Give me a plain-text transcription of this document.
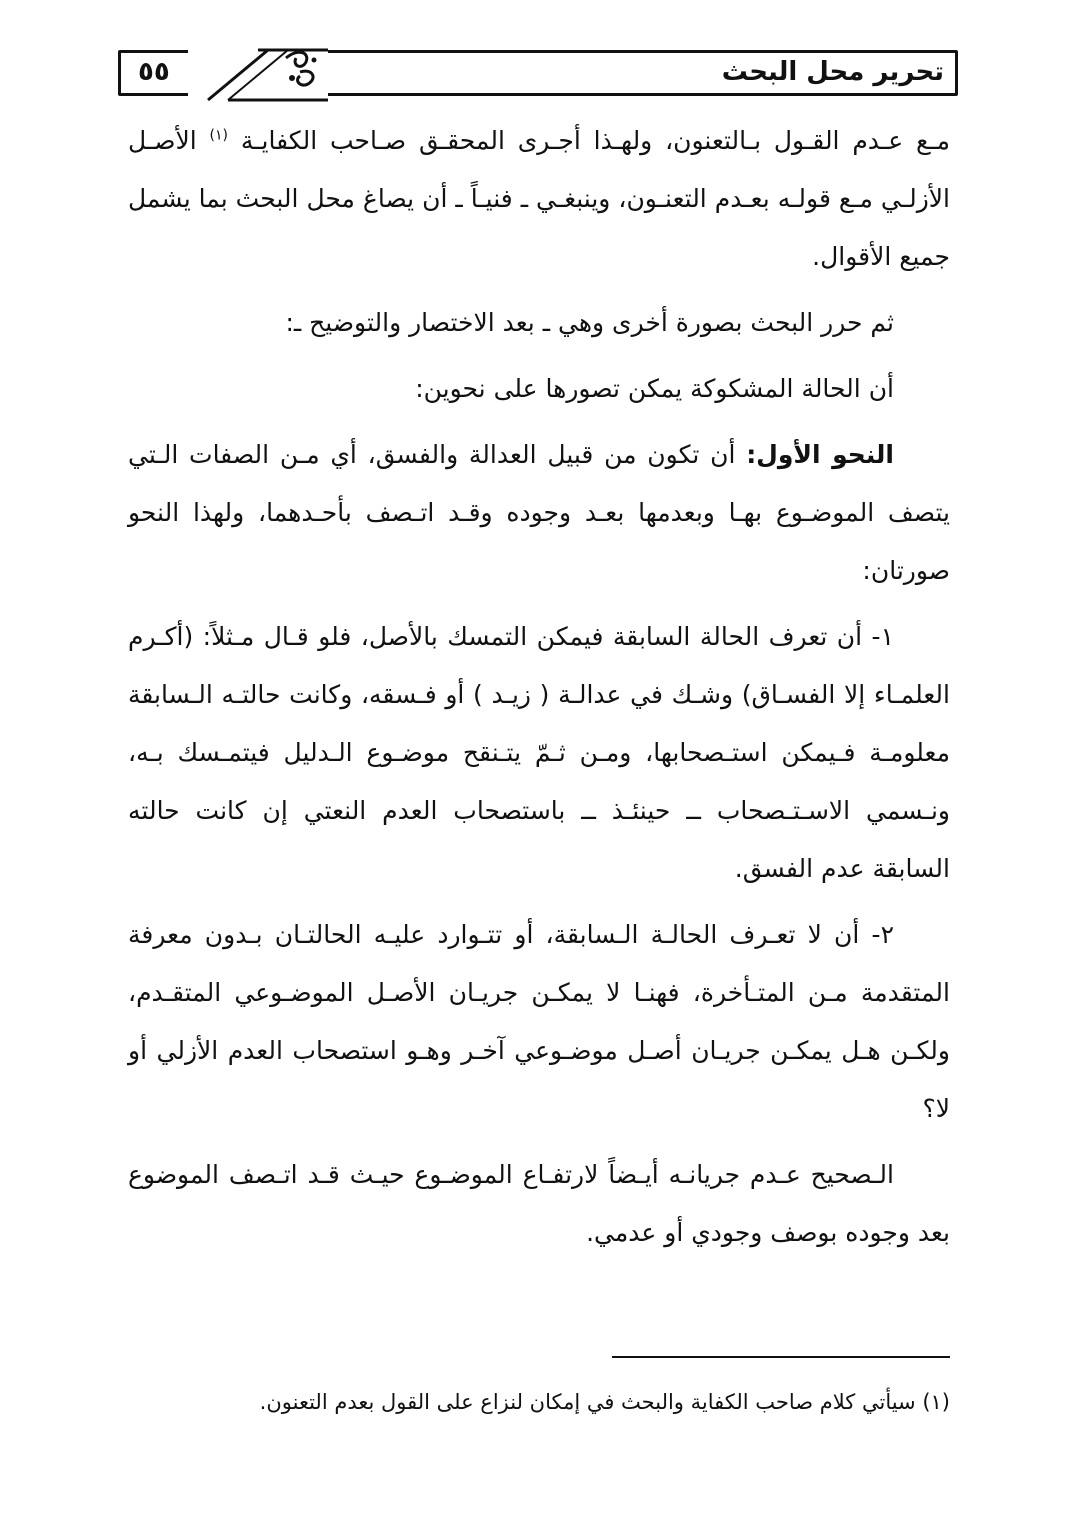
تحرير محل البحث
٥٥

مـع عـدم القـول بـالتعنون، ولهـذا أجـرى المحقـق صـاحب الكفايـة $^{(١)}$ الأصـل الأزلـي مـع قولـه بعـدم التعنـون، وينبغـي ـ فنيـاً ـ أن يصاغ محل البحث بما يشمل جميع الأقوال.

ثم حرر البحث بصورة أخرى وهي ـ بعد الاختصار والتوضيح ـ:

أن الحالة المشكوكة يمكن تصورها على نحوين:

النحو الأول: أن تكون من قبيل العدالة والفسق، أي مـن الصفات الـتي يتصف الموضـوع بهـا وبعدمها بعـد وجوده وقـد اتـصف بأحـدهما، ولهذا النحو صورتان:

١- أن تعرف الحالة السابقة فيمكن التمسك بالأصل، فلو قـال مـثلاً: (أكـرم العلمـاء إلا الفسـاق) وشـك في عدالـة ( زيـد ) أو فـسقه، وكانت حالتـه الـسابقة معلومـة فـيمكن استـصحابها، ومـن ثـمّ يتـنقح موضـوع الـدليل فيتمـسك بـه، ونـسمي الاسـتـصحاب ــ حينئـذ ــ باستصحاب العدم النعتي إن كانت حالته السابقة عدم الفسق.

٢- أن لا تعـرف الحالـة الـسابقة، أو تتـوارد عليـه الحالتـان بـدون معرفة المتقدمة مـن المتـأخرة، فهنـا لا يمكـن جريـان الأصـل الموضـوعي المتقـدم، ولكـن هـل يمكـن جريـان أصـل موضـوعي آخـر وهـو استصحاب العدم الأزلي أو لا؟

الـصحيح عـدم جريانـه أيـضاً لارتفـاع الموضـوع حيـث قـد اتـصف الموضوع بعد وجوده بوصف وجودي أو عدمي.

(١) سيأتي كلام صاحب الكفاية والبحث في إمكان لنزاع على القول بعدم التعنون.
